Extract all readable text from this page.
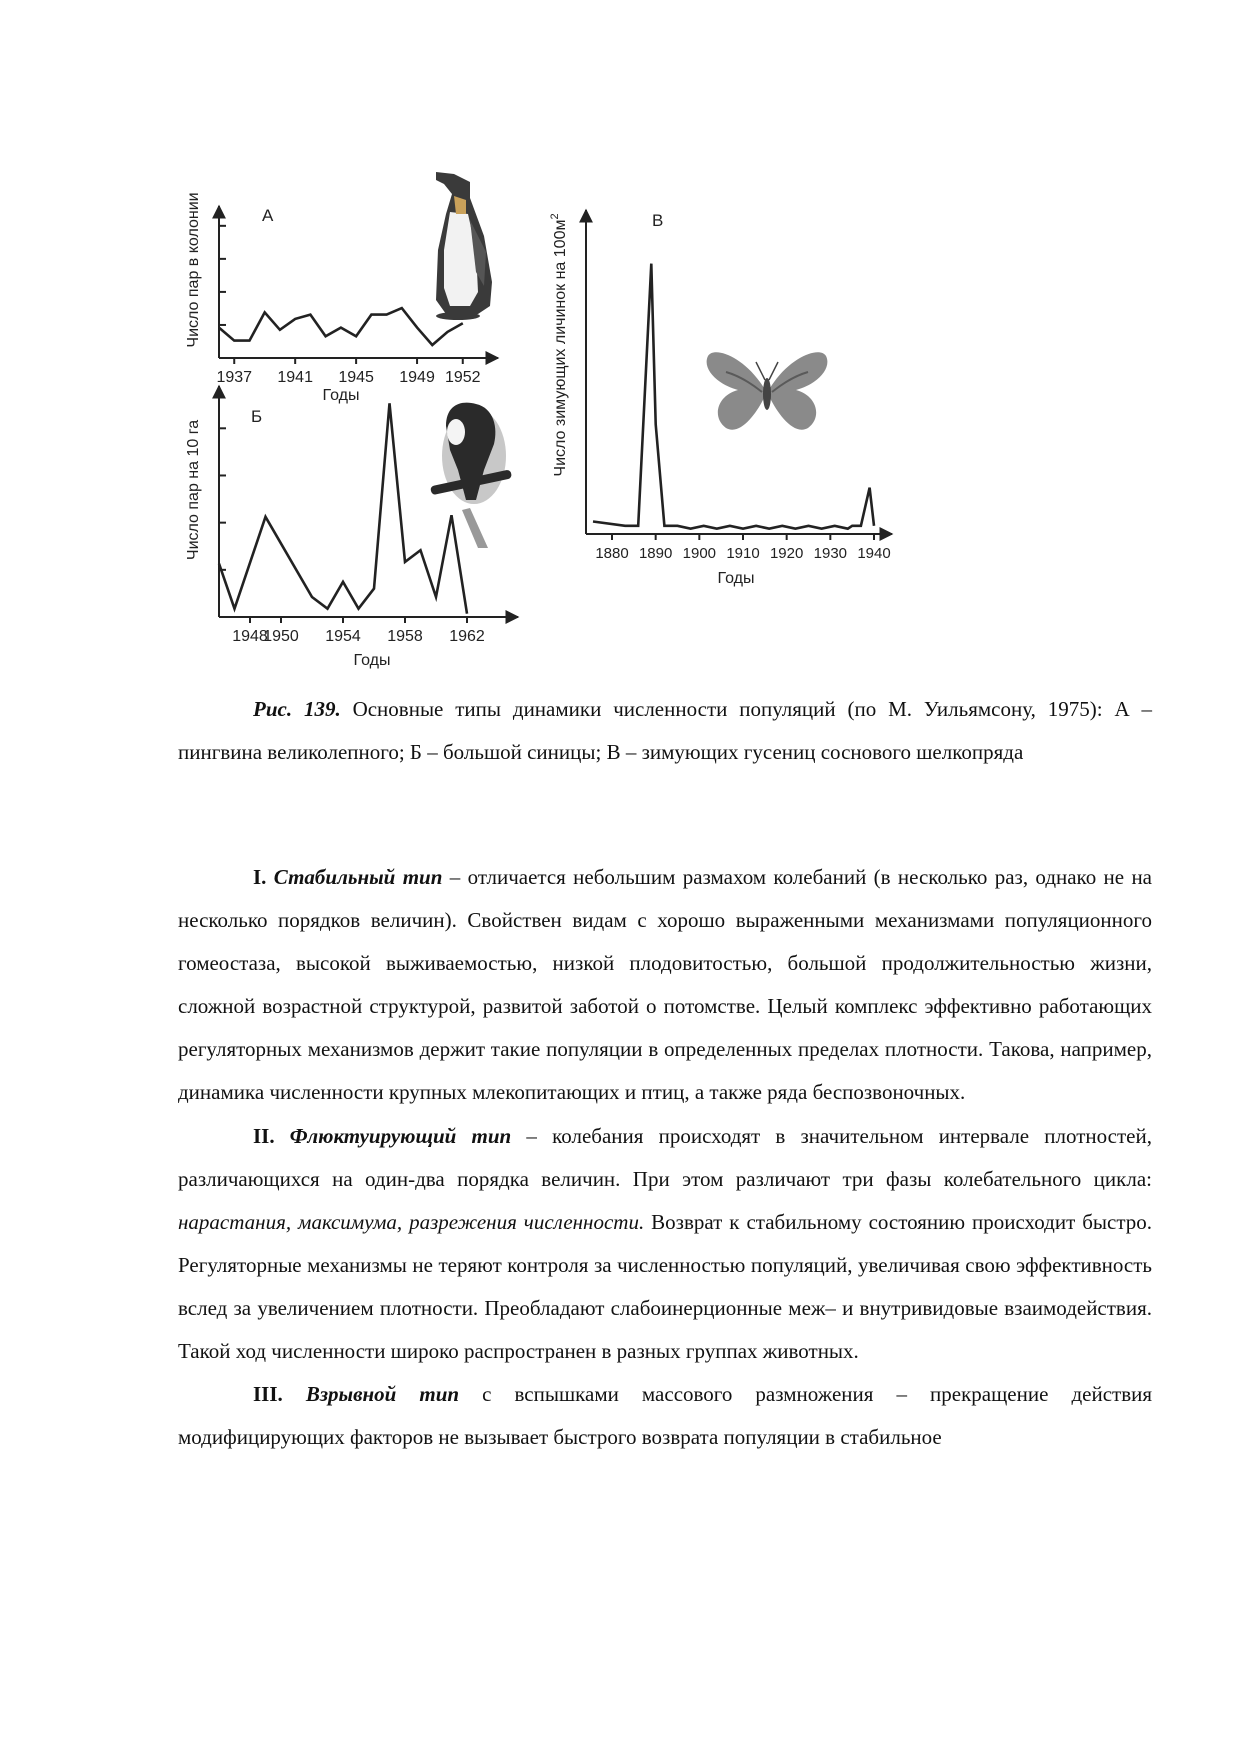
1937 1941 1945 1949 1952
А
Число пар в колонии
Годы
1948
1950 1954 1958 1962
Б
Число пар на 10 га
Годы
1880 1890 1900 1910 1920 1930 1940
В
Число зимующих личинок на $100м^2$
Годы
Рис. 139. Основные типы динамики численности популяций (по М. Уильямсону, 1975): А – пингвина великолепного; Б – большой синицы; В – зимующих гусениц соснового шелкопряда

I. Стабильный тип – отличается небольшим размахом колебаний (в несколько раз, однако не на несколько порядков величин). Свойствен видам с хорошо выраженными механизмами популяционного гомеостаза, высокой выживаемостью, низкой плодовитостью, большой продолжительностью жизни, сложной возрастной структурой, развитой заботой о потомстве. Целый комплекс эффективно работающих регуляторных механизмов держит такие популяции в определенных пределах плотности. Такова, например, динамика численности крупных млекопитающих и птиц, а также ряда беспозвоночных.

II. Флюктуирующий тип – колебания происходят в значительном интервале плотностей, различающихся на один-два порядка величин. При этом различают три фазы колебательного цикла: нарастания, максимума, разрежения численности. Возврат к стабильному состоянию происходит быстро. Регуляторные механизмы не теряют контроля за численностью популяций, увеличивая свою эффективность вслед за увеличением плотности. Преобладают слабоинерционные меж– и внутривидовые взаимодействия. Такой ход численности широко распространен в разных группах животных.

III. Взрывной тип с вспышками массового размножения – прекращение действия модифицирующих факторов не вызывает быстрого возврата популяции в стабильное
